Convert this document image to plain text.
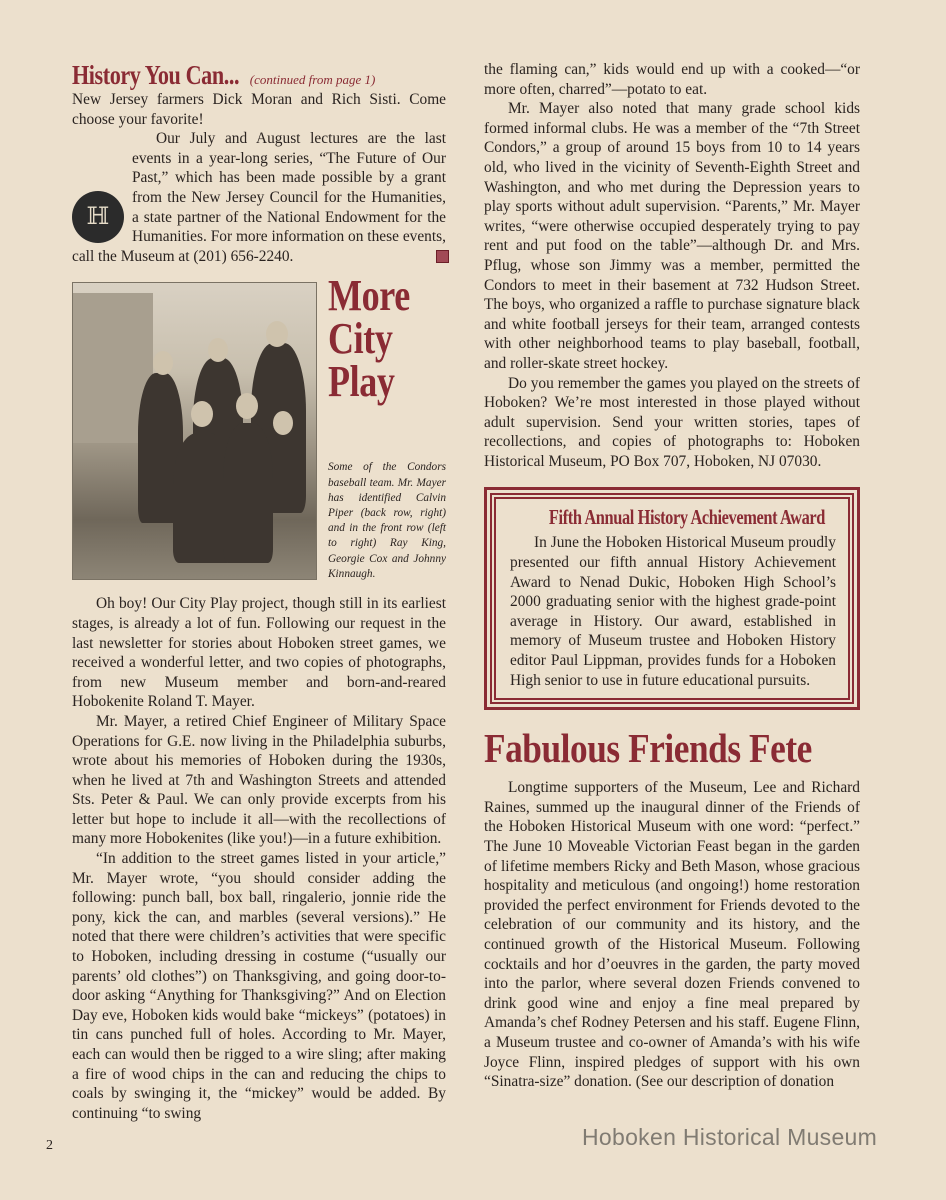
History You Can... (continued from page 1)

New Jersey farmers Dick Moran and Rich Sisti. Come choose your favorite!

ℍ

Our July and August lectures are the last events in a year-long series, “The Future of Our Past,” which has been made possible by a grant from the New Jersey Council for the Humanities, a state partner of the National Endowment for the Humanities. For more information on these events, call the Museum at (201) 656-2240.

More
City
Play
Some of the Condors baseball team. Mr. Mayer has identified Calvin Piper (back row, right) and in the front row (left to right) Ray King, Georgie Cox and Johnny Kinnaugh.

Oh boy! Our City Play project, though still in its earliest stages, is already a lot of fun. Following our request in the last newsletter for stories about Hoboken street games, we received a wonderful letter, and two copies of photographs, from new Museum member and born-and-reared Hobokenite Roland T. Mayer.

Mr. Mayer, a retired Chief Engineer of Military Space Operations for G.E. now living in the Philadelphia suburbs, wrote about his memories of Hoboken during the 1930s, when he lived at 7th and Washington Streets and attended Sts. Peter & Paul. We can only provide excerpts from his letter but hope to include it all—with the recollections of many more Hobokenites (like you!)—in a future exhibition.

“In addition to the street games listed in your article,” Mr. Mayer wrote, “you should consider adding the following: punch ball, box ball, ringalerio, jonnie ride the pony, kick the can, and marbles (several versions).” He noted that there were children’s activities that were specific to Hoboken, including dressing in costume (“usually our parents’ old clothes”) on Thanksgiving, and going door-to-door asking “Anything for Thanksgiving?” And on Election Day eve, Hoboken kids would bake “mickeys” (potatoes) in tin cans punched full of holes. According to Mr. Mayer, each can would then be rigged to a wire sling; after making a fire of wood chips in the can and reducing the chips to coals by swinging it, the “mickey” would be added. By continuing “to swing

the flaming can,” kids would end up with a cooked—“or more often, charred”—potato to eat.

Mr. Mayer also noted that many grade school kids formed informal clubs. He was a member of the “7th Street Condors,” a group of around 15 boys from 10 to 14 years old, who lived in the vicinity of Seventh-Eighth Street and Washington, and who met during the Depression years to play sports without adult supervision. “Parents,” Mr. Mayer writes, “were otherwise occupied desperately trying to pay rent and put food on the table”—although Dr. and Mrs. Pflug, whose son Jimmy was a member, permitted the Condors to meet in their basement at 732 Hudson Street. The boys, who organized a raffle to purchase signature black and white football jerseys for their team, arranged contests with other neighborhood teams to play baseball, football, and roller-skate street hockey.

Do you remember the games you played on the streets of Hoboken? We’re most interested in those played without adult supervision. Send your written stories, tapes of recollections, and copies of photographs to: Hoboken Historical Museum, PO Box 707, Hoboken, NJ 07030.

Fifth Annual History Achievement Award

In June the Hoboken Historical Museum proudly presented our fifth annual History Achievement Award to Nenad Dukic, Hoboken High School’s 2000 graduating senior with the highest grade-point average in History. Our award, established in memory of Museum trustee and Hoboken History editor Paul Lippman, provides funds for a Hoboken High senior to use in future educational pursuits.

Fabulous Friends Fete

Longtime supporters of the Museum, Lee and Richard Raines, summed up the inaugural dinner of the Friends of the Hoboken Historical Museum with one word: “perfect.” The June 10 Moveable Victorian Feast began in the garden of lifetime members Ricky and Beth Mason, whose gracious hospitality and meticulous (and ongoing!) home restoration provided the perfect environment for Friends devoted to the celebration of our community and its history, and the continued growth of the Historical Museum. Following cocktails and hor d’oeuvres in the garden, the party moved into the parlor, where several dozen Friends convened to drink good wine and enjoy a fine meal prepared by Amanda’s chef Rodney Petersen and his staff. Eugene Flinn, a Museum trustee and co-owner of Amanda’s with his wife Joyce Flinn, inspired pledges of support with his own “Sinatra-size” donation. (See our description of donation

2	Hoboken Historical Museum
